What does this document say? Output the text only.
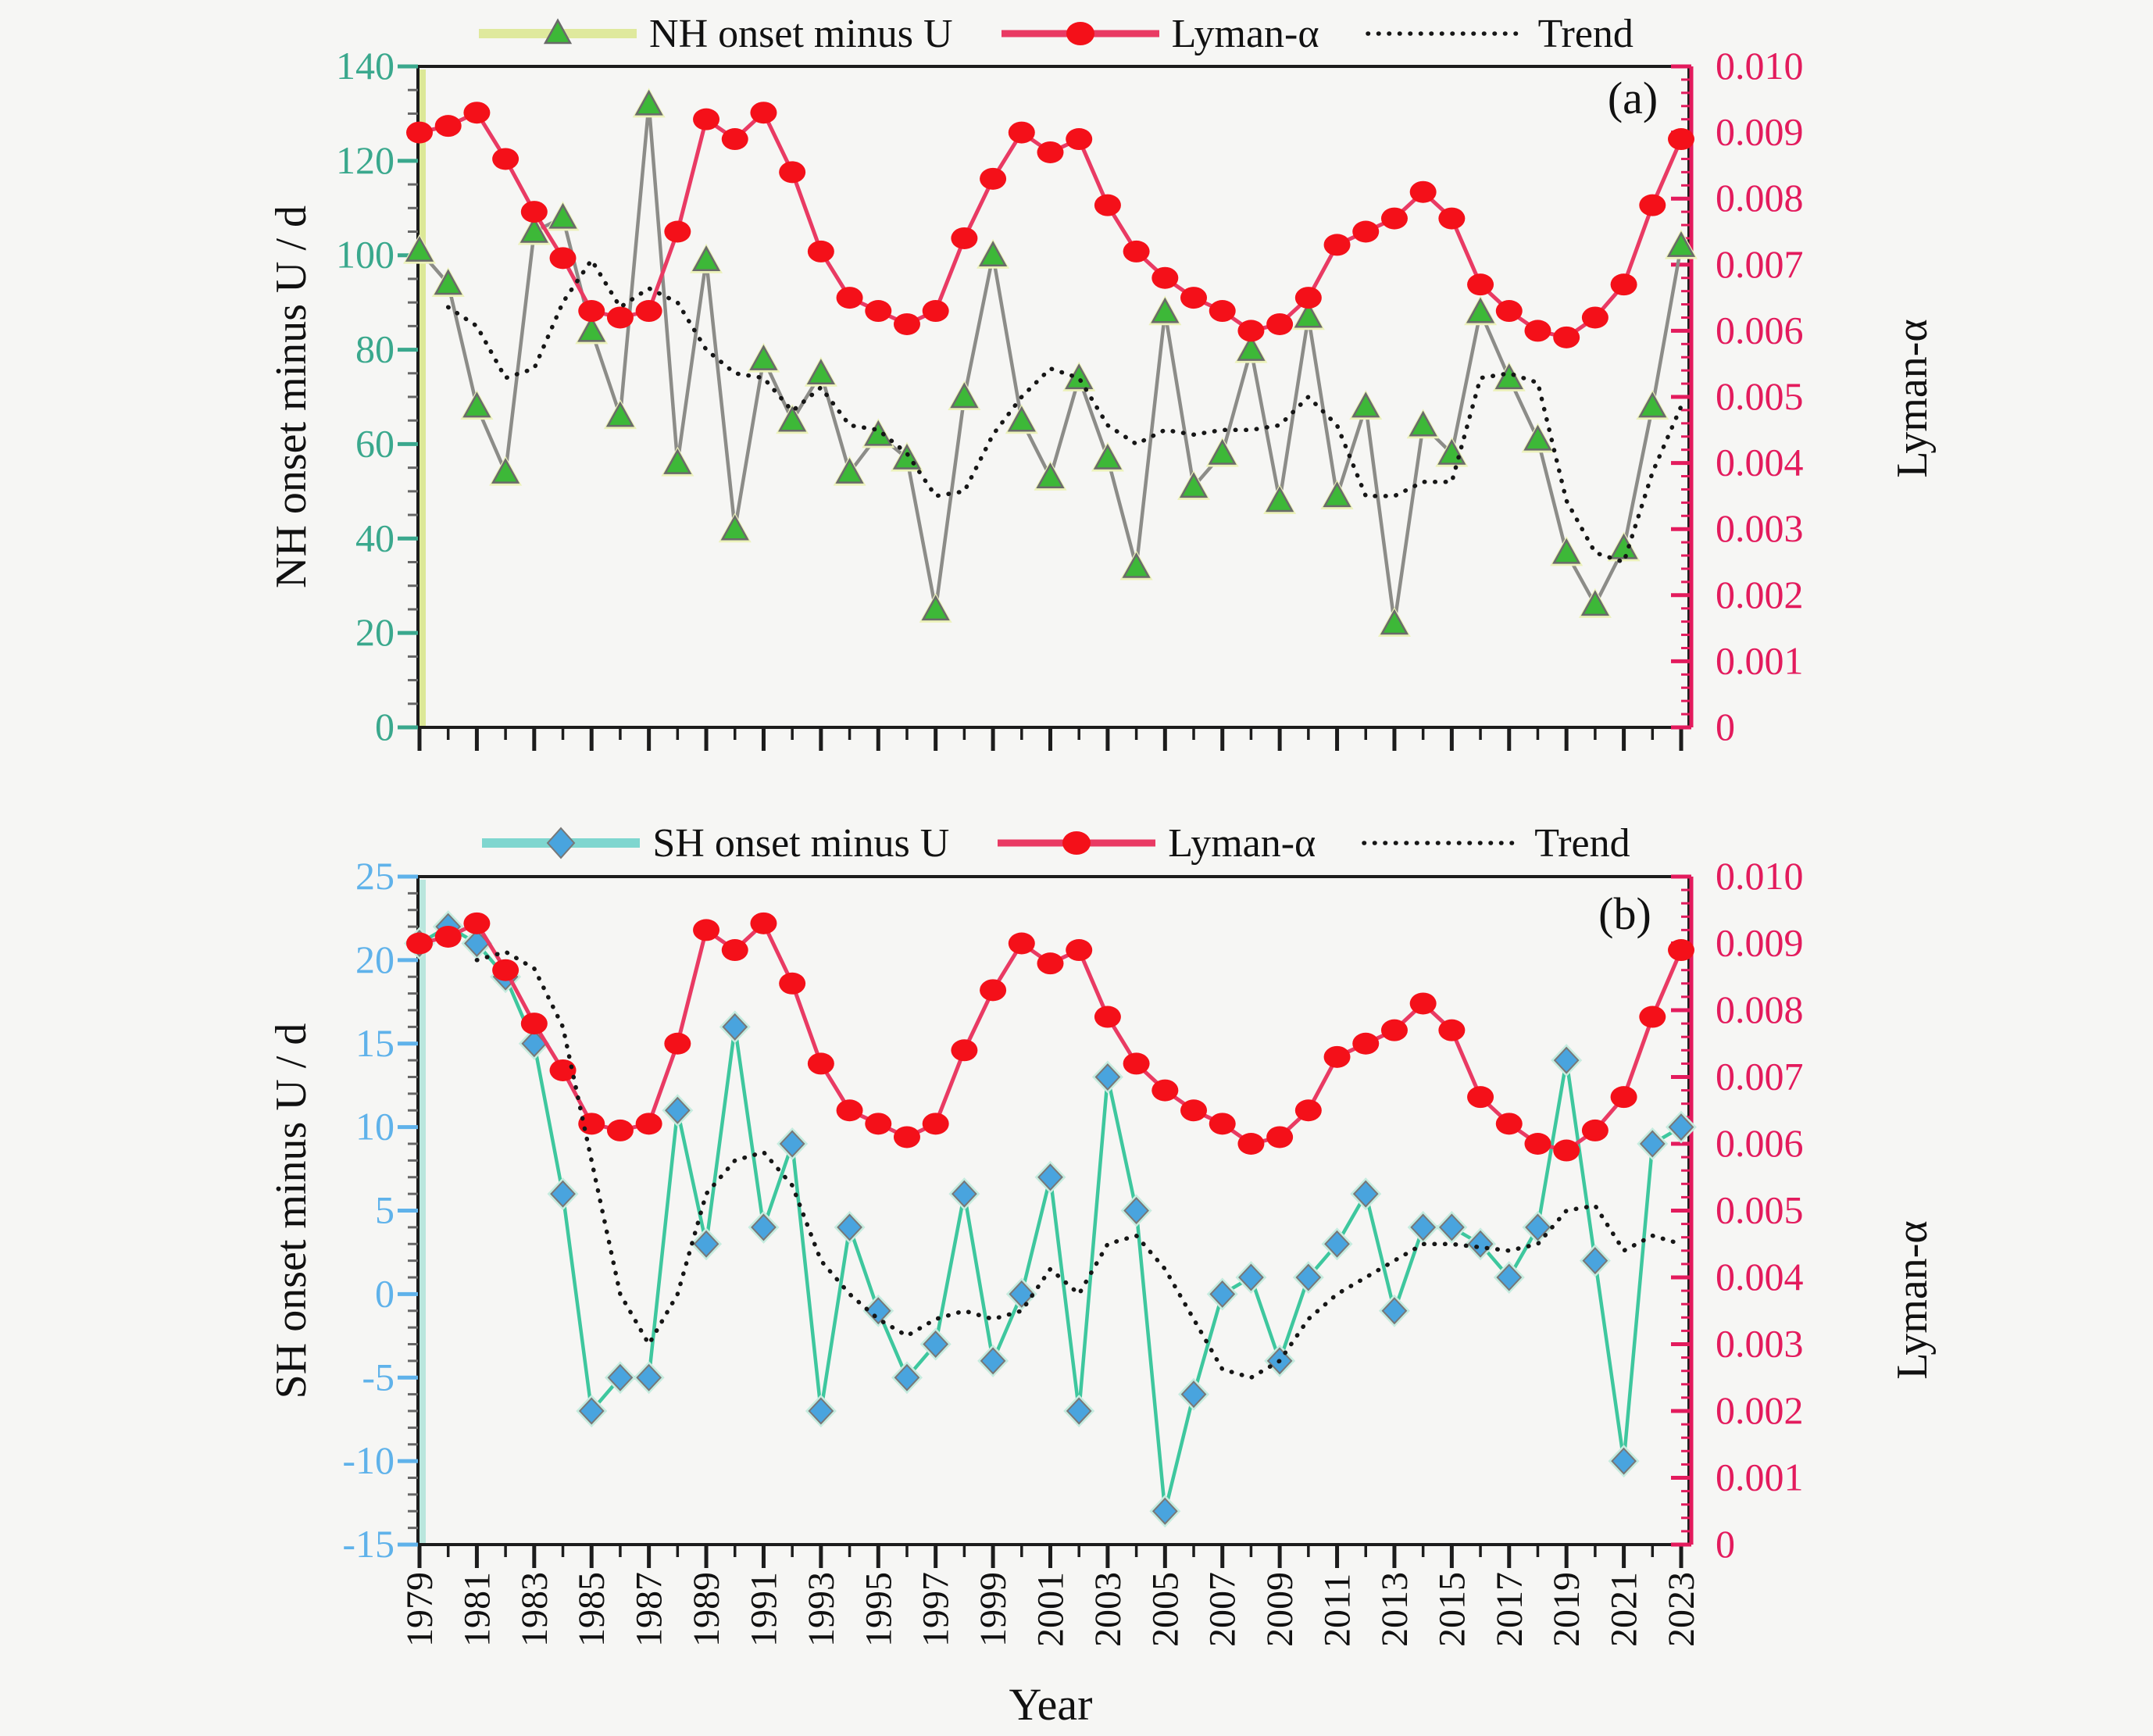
0
20
40
60
80
100
120
140
0
0.001
0.002
0.003
0.004
0.005
0.006
0.007
0.008
0.009
0.010
1979 1981 1983 1985 1987 1989 1991 1993 1995 1997 1999 2001 2003 2005 2007 2009 2011 2013 2015 2017 2019 2021 2023
-15
-10
-5
0
5
10
15
20
25
0
0.001
0.002
0.003
0.004
0.005
0.006
0.007
0.008
0.009
0.010
NH onset minus U	Lyman-α	Trend
SH onset minus U	Lyman-α	Trend
NH onset minus U / d	Lyman-α
SH onset minus U / d	Lyman-α
(a)
(b)
Year
